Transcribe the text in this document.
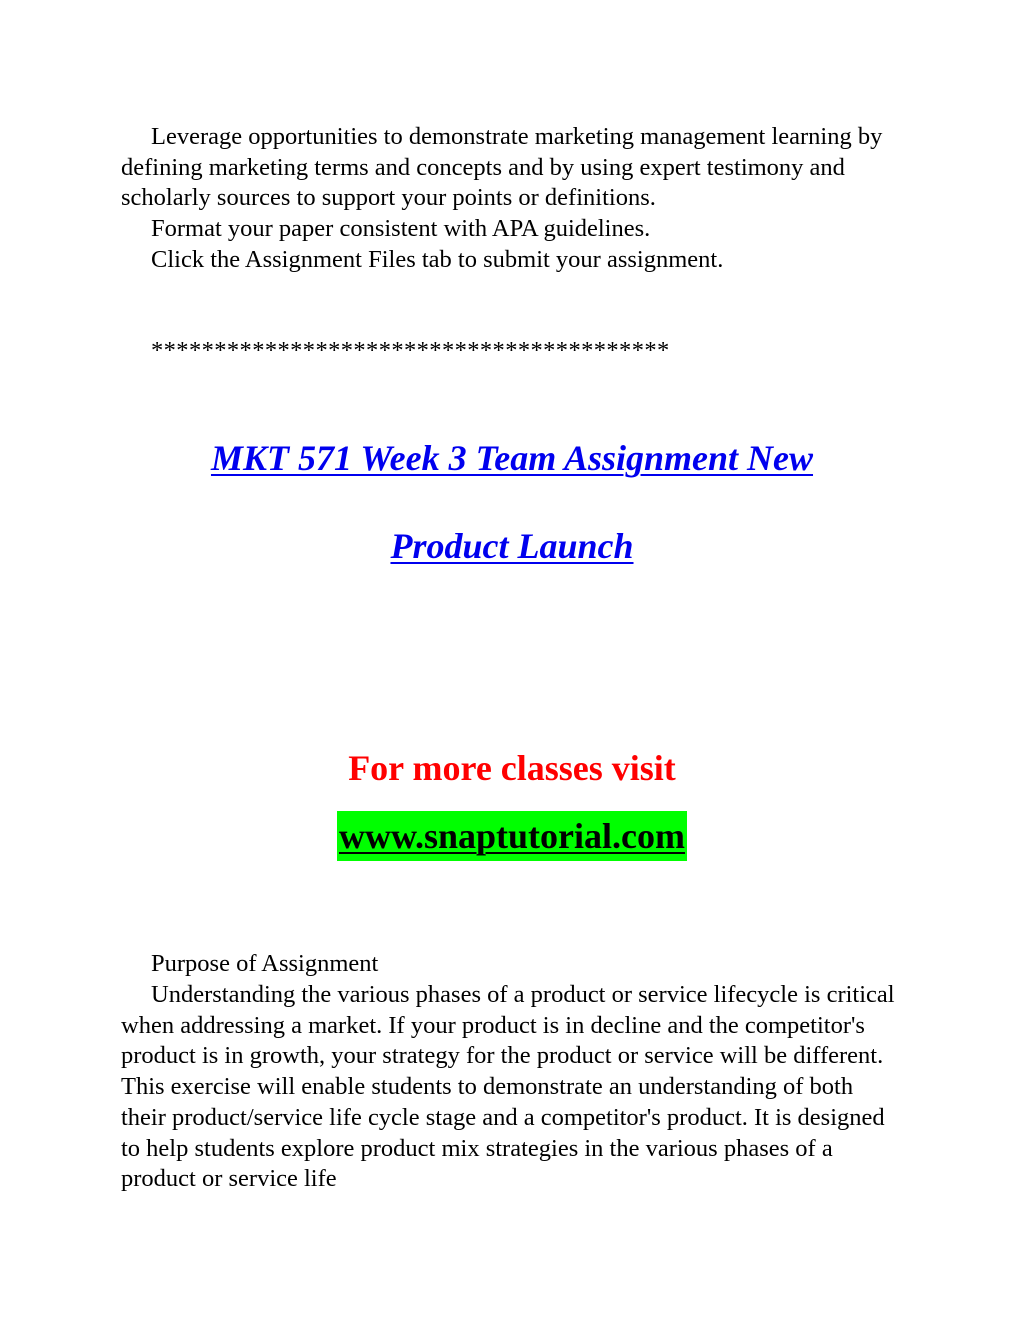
Leverage opportunities to demonstrate marketing management learning by defining marketing terms and concepts and by using expert testimony and scholarly sources to support your points or definitions.

Format your paper consistent with APA guidelines.

Click the Assignment Files tab to submit your assignment.

*****************************************
MKT 571 Week 3 Team Assignment New
Product Launch
For more classes visit
www.snaptutorial.com

Purpose of Assignment

Understanding the various phases of a product or service lifecycle is critical when addressing a market. If your product is in decline and the competitor's product is in growth, your strategy for the product or service will be different. This exercise will enable students to demonstrate an understanding of both their product/service life cycle stage and a competitor's product. It is designed to help students explore product mix strategies in the various phases of a product or service life
